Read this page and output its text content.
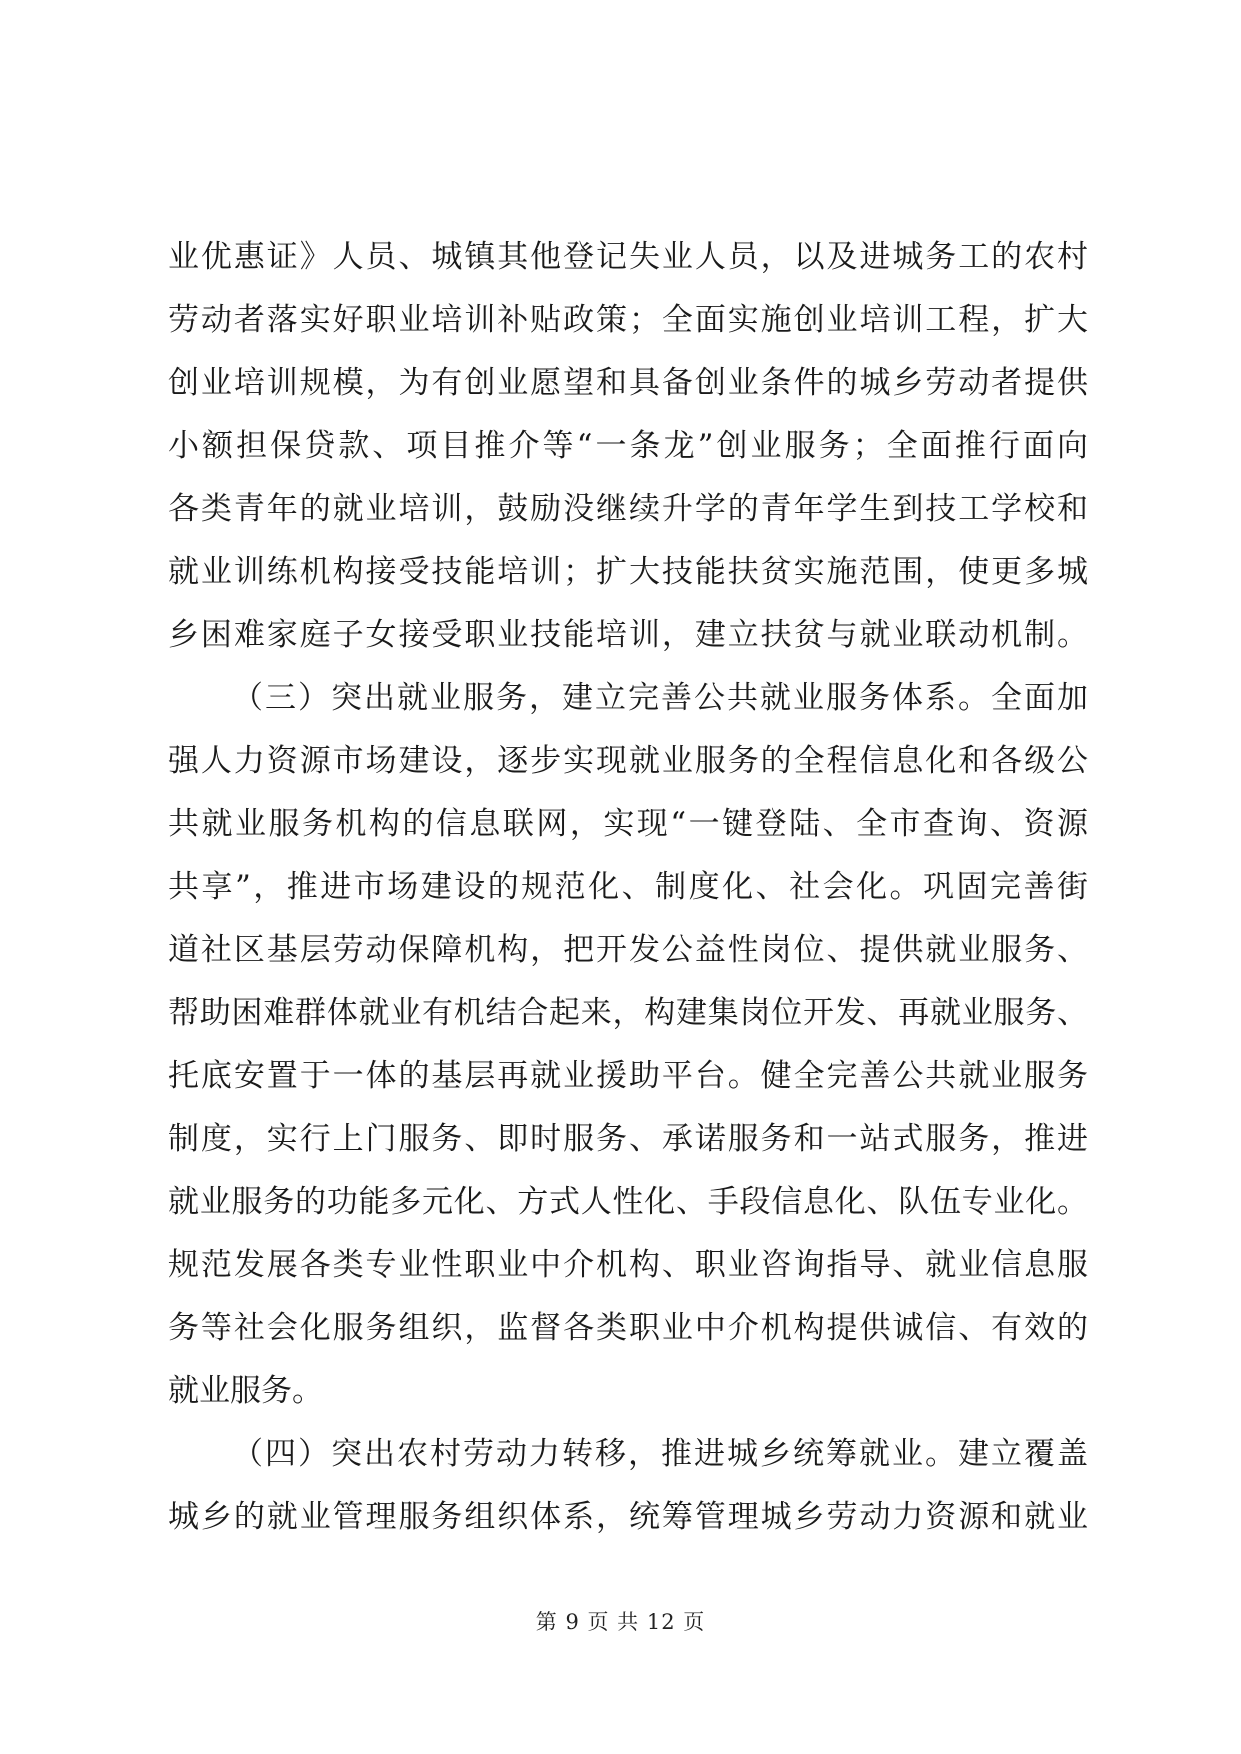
业优惠证》人员、城镇其他登记失业人员，以及进城务工的农村
劳动者落实好职业培训补贴政策；全面实施创业培训工程，扩大
创业培训规模，为有创业愿望和具备创业条件的城乡劳动者提供
小额担保贷款、项目推介等“一条龙”创业服务；全面推行面向
各类青年的就业培训，鼓励没继续升学的青年学生到技工学校和
就业训练机构接受技能培训；扩大技能扶贫实施范围，使更多城
乡困难家庭子女接受职业技能培训，建立扶贫与就业联动机制。
（三）突出就业服务，建立完善公共就业服务体系。全面加
强人力资源市场建设，逐步实现就业服务的全程信息化和各级公
共就业服务机构的信息联网，实现“一键登陆、全市查询、资源
共享”，推进市场建设的规范化、制度化、社会化。巩固完善街
道社区基层劳动保障机构，把开发公益性岗位、提供就业服务、
帮助困难群体就业有机结合起来，构建集岗位开发、再就业服务、
托底安置于一体的基层再就业援助平台。健全完善公共就业服务
制度，实行上门服务、即时服务、承诺服务和一站式服务，推进
就业服务的功能多元化、方式人性化、手段信息化、队伍专业化。
规范发展各类专业性职业中介机构、职业咨询指导、就业信息服
务等社会化服务组织，监督各类职业中介机构提供诚信、有效的
就业服务。
（四）突出农村劳动力转移，推进城乡统筹就业。建立覆盖
城乡的就业管理服务组织体系，统筹管理城乡劳动力资源和就业
第 9 页 共 12 页
